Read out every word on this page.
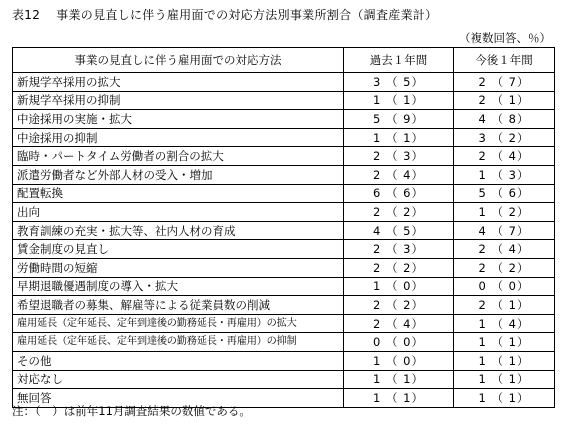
表12 事業の見直しに伴う雇用面での対応方法別事業所割合（調査産業計）
（複数回答、％）
事業の見直しに伴う雇用面での対応方法	過去１年間	今後１年間
新規学卒採用の拡大	3 （ 5）	2 （ 7）
新規学卒採用の抑制	1 （ 1）	2 （ 1）
中途採用の実施・拡大	5 （ 9）	4 （ 8）
中途採用の抑制	1 （ 1）	3 （ 2）
臨時・パートタイム労働者の割合の拡大	2 （ 3）	2 （ 4）
派遣労働者など外部人材の受入・増加	2 （ 4）	1 （ 3）
配置転換	6 （ 6）	5 （ 6）
出向	2 （ 2）	1 （ 2）
教育訓練の充実・拡大等、社内人材の育成	4 （ 5）	4 （ 7）
賃金制度の見直し	2 （ 3）	2 （ 4）
労働時間の短縮	2 （ 2）	2 （ 2）
早期退職優遇制度の導入・拡大	1 （ 0）	0 （ 0）
希望退職者の募集、解雇等による従業員数の削減	2 （ 2）	2 （ 1）
雇用延長（定年延長、定年到達後の勤務延長・再雇用）の拡大	2 （ 4）	1 （ 4）
雇用延長（定年延長、定年到達後の勤務延長・再雇用）の抑制	0 （ 0）	1 （ 1）
その他	1 （ 0）	1 （ 1）
対応なし	1 （ 1）	1 （ 1）
無回答	1 （ 1）	1 （ 1）
注：（　）は前年11月調査結果の数値である。
